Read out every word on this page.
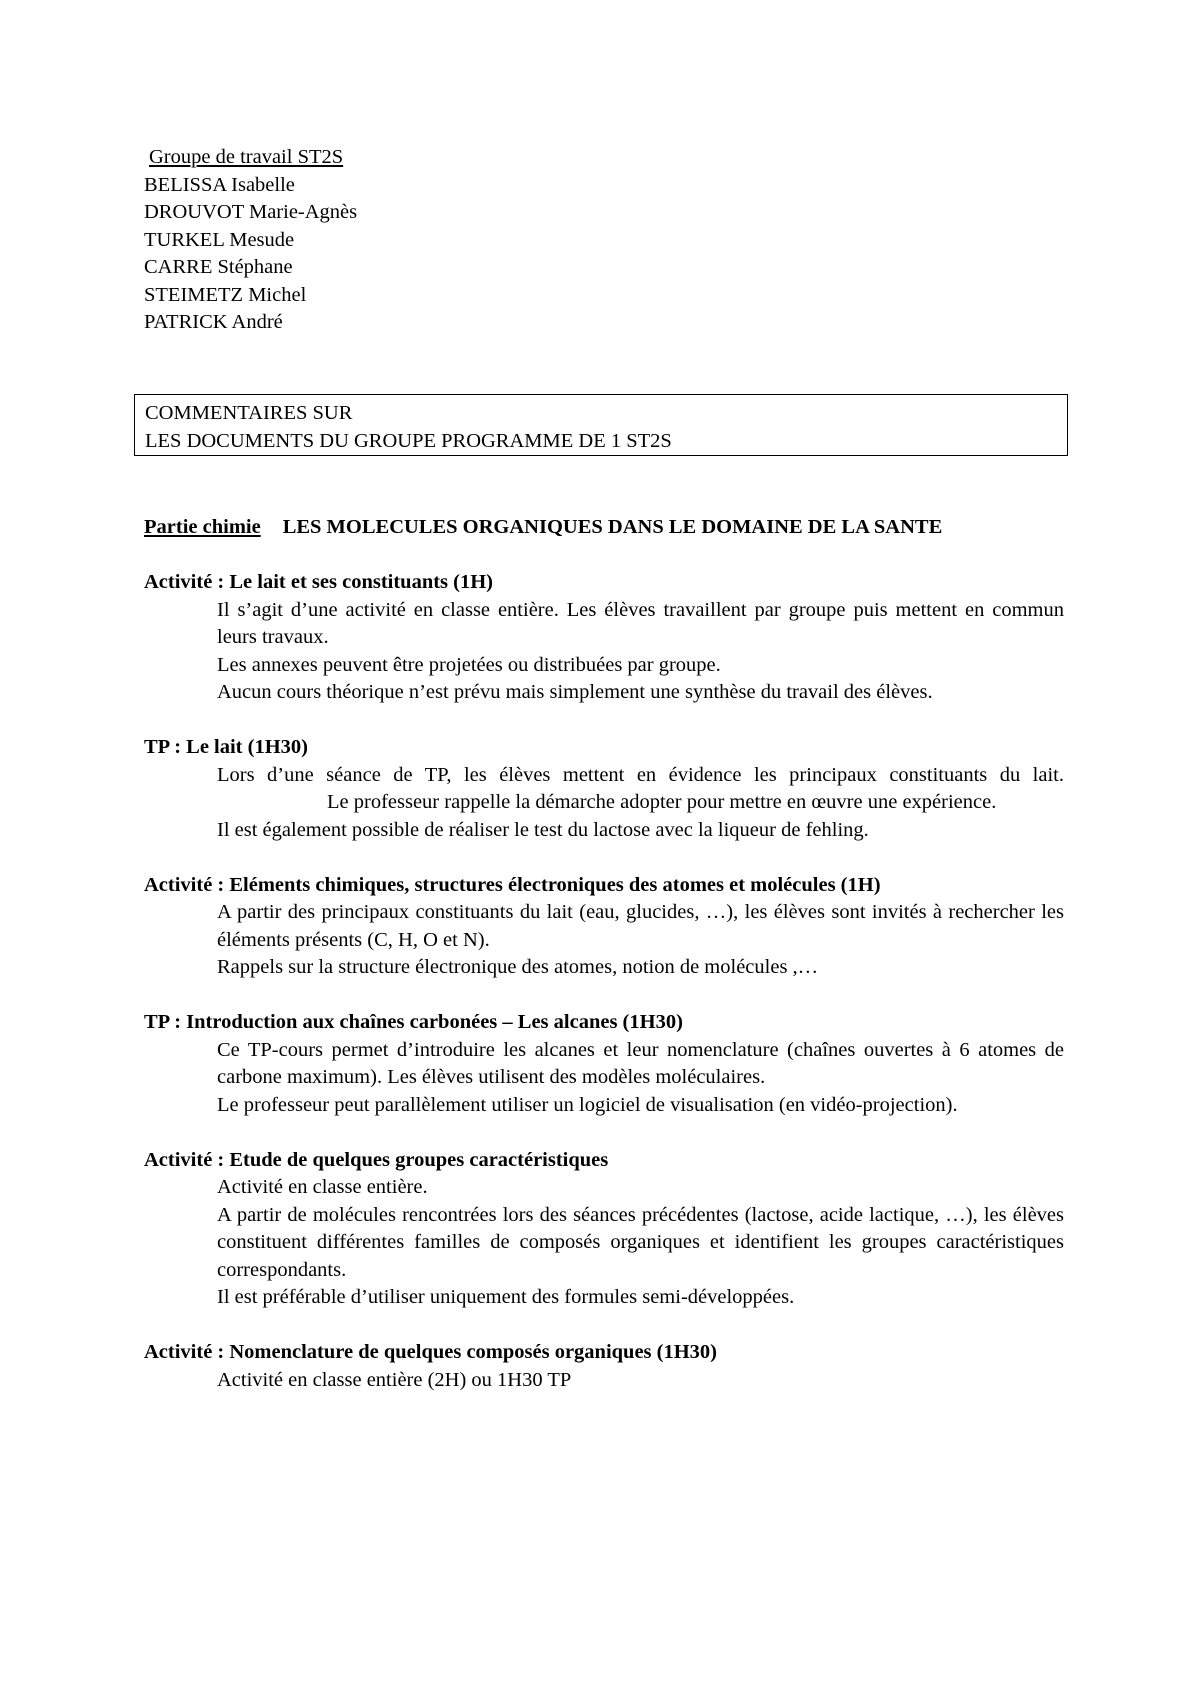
Groupe de travail ST2S
BELISSA Isabelle
DROUVOT Marie-Agnès
TURKEL Mesude
CARRE Stéphane
STEIMETZ Michel
PATRICK André
COMMENTAIRES SUR
LES DOCUMENTS DU GROUPE PROGRAMME DE 1 ST2S
Partie chimie LES MOLECULES ORGANIQUES DANS LE DOMAINE DE LA SANTE
Activité : Le lait et ses constituants (1H)
Il s’agit d’une activité en classe entière. Les élèves travaillent par groupe puis mettent en commun leurs travaux.
Les annexes peuvent être projetées ou distribuées par groupe.
Aucun cours théorique n’est prévu mais simplement une synthèse du travail des élèves.
TP : Le lait (1H30)
Lors d’une séance de TP, les élèves mettent en évidence les principaux constituants du lait.Le professeur rappelle la démarche adopter pour mettre en œuvre une expérience.
Il est également possible de réaliser le test du lactose avec la liqueur de fehling.
Activité : Eléments chimiques, structures électroniques des atomes et molécules (1H)
A partir des principaux constituants du lait (eau, glucides, …), les élèves sont invités à rechercher les éléments présents (C, H, O et N).
Rappels sur la structure électronique des atomes, notion de molécules ,…
TP : Introduction aux chaînes carbonées – Les alcanes (1H30)
Ce TP-cours permet d’introduire les alcanes et leur nomenclature (chaînes ouvertes à 6 atomes de carbone maximum). Les élèves utilisent des modèles moléculaires.
Le professeur peut parallèlement utiliser un logiciel de visualisation (en vidéo-projection).
Activité : Etude de quelques groupes caractéristiques
Activité en classe entière.
A partir de molécules rencontrées lors des séances précédentes (lactose, acide lactique, …), les élèves constituent différentes familles de composés organiques et identifient les groupes caractéristiques correspondants.
Il est préférable d’utiliser uniquement des formules semi-développées.
Activité : Nomenclature de quelques composés organiques (1H30)
Activité en classe entière (2H) ou 1H30 TP
